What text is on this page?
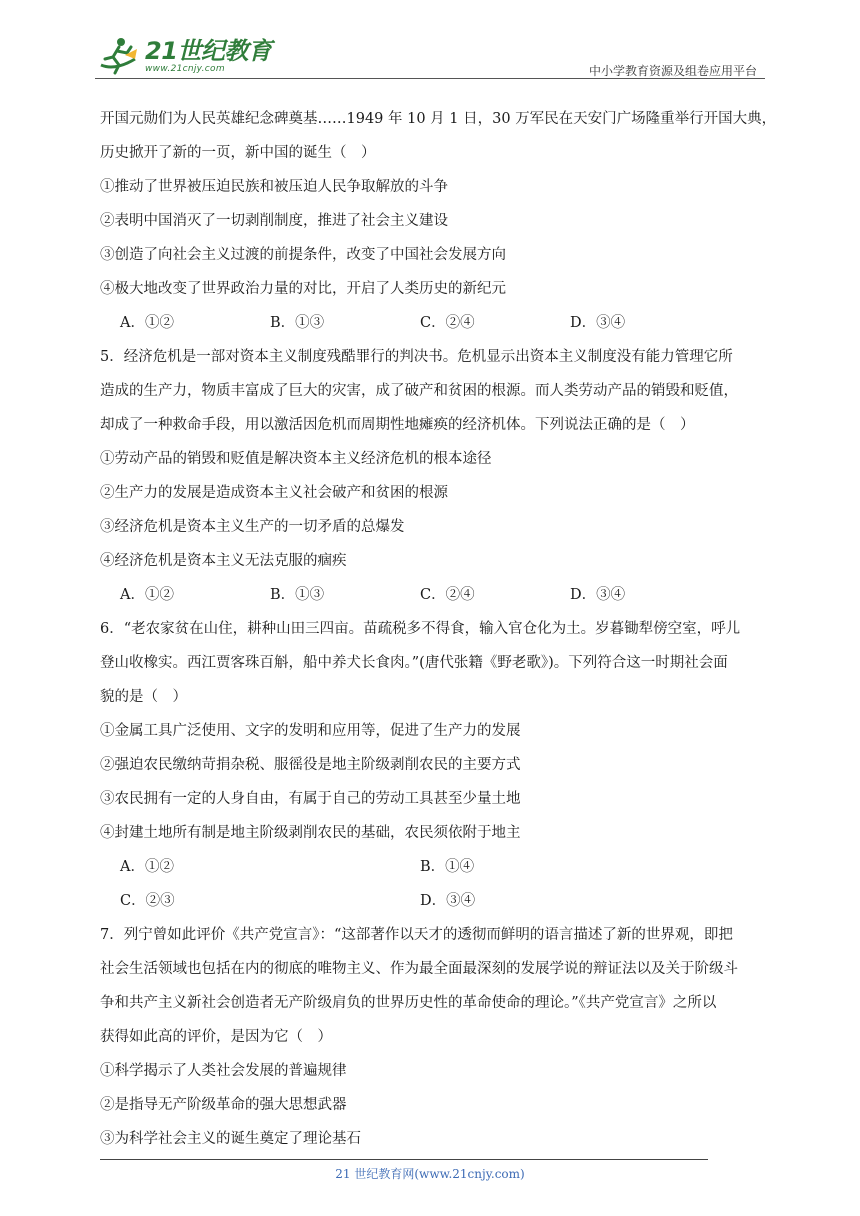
21世纪教育
www.21cnjy.com	中小学教育资源及组卷应用平台
开国元勋们为人民英雄纪念碑奠基……1949 年 10 月 1 日，30 万军民在天安门广场隆重举行开国大典，
历史掀开了新的一页，新中国的诞生（　）
①推动了世界被压迫民族和被压迫人民争取解放的斗争
②表明中国消灭了一切剥削制度，推进了社会主义建设
③创造了向社会主义过渡的前提条件，改变了中国社会发展方向
④极大地改变了世界政治力量的对比，开启了人类历史的新纪元
A．①②	B．①③	C．②④	D．③④
5．经济危机是一部对资本主义制度残酷罪行的判决书。危机显示出资本主义制度没有能力管理它所
造成的生产力，物质丰富成了巨大的灾害，成了破产和贫困的根源。而人类劳动产品的销毁和贬值，
却成了一种救命手段，用以激活因危机而周期性地瘫痪的经济机体。下列说法正确的是（　）
①劳动产品的销毁和贬值是解决资本主义经济危机的根本途径
②生产力的发展是造成资本主义社会破产和贫困的根源
③经济危机是资本主义生产的一切矛盾的总爆发
④经济危机是资本主义无法克服的痼疾
A．①②	B．①③	C．②④	D．③④
6．“老农家贫在山住，耕种山田三四亩。苗疏税多不得食，输入官仓化为土。岁暮锄犁傍空室，呼儿
登山收橡实。西江贾客珠百斛，船中养犬长食肉。”(唐代张籍《野老歌》)。下列符合这一时期社会面
貌的是（　）
①金属工具广泛使用、文字的发明和应用等，促进了生产力的发展
②强迫农民缴纳苛捐杂税、服徭役是地主阶级剥削农民的主要方式
③农民拥有一定的人身自由，有属于自己的劳动工具甚至少量土地
④封建土地所有制是地主阶级剥削农民的基础，农民须依附于地主
A．①②	B．①④
C．②③	D．③④
7．列宁曾如此评价《共产党宣言》：“这部著作以天才的透彻而鲜明的语言描述了新的世界观，即把
社会生活领域也包括在内的彻底的唯物主义、作为最全面最深刻的发展学说的辩证法以及关于阶级斗
争和共产主义新社会创造者无产阶级肩负的世界历史性的革命使命的理论。”《共产党宣言》之所以
获得如此高的评价，是因为它（　）
①科学揭示了人类社会发展的普遍规律
②是指导无产阶级革命的强大思想武器
③为科学社会主义的诞生奠定了理论基石
21 世纪教育网(www.21cnjy.com)
